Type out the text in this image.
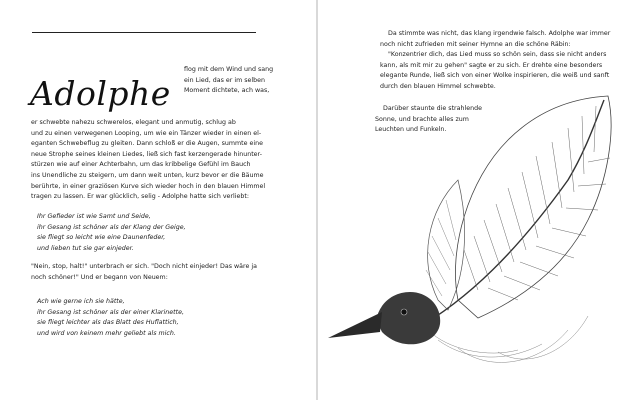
Adolphe

flog mit dem Wind und sang

ein Lied, das er im selben

Moment dichtete, ach was,

er schwebte nahezu schwerelos, elegant und anmutig, schlug ab

und zu einen verwegenen Looping, um wie ein Tänzer wieder in einen el-

eganten Schwebeflug zu gleiten. Dann schloß er die Augen, summte eine

neue Strophe seines kleinen Liedes, ließ sich fast kerzengerade hinunter-

stürzen wie auf einer Achterbahn, um das kribbelige Gefühl im Bauch

ins Unendliche zu steigern, um dann weit unten, kurz bevor er die Bäume

berührte, in einer graziösen Kurve sich wieder hoch in den blauen Himmel

tragen zu lassen. Er war glücklich, selig - Adolphe hatte sich verliebt:

Ihr Gefieder ist wie Samt und Seide,

ihr Gesang ist schöner als der Klang der Geige,

sie fliegt so leicht wie eine Daunenfeder,

und lieben tut sie gar einjeder.

"Nein, stop, halt!" unterbrach er sich. "Doch nicht einjeder! Das wäre ja

noch schöner!" Und er begann von Neuem:

Ach wie gerne ich sie hätte,

ihr Gesang ist schöner als der einer Klarinette,

sie fliegt leichter als das Blatt des Huflattich,

und wird von keinem mehr geliebt als mich.

Da stimmte was nicht, das klang irgendwie falsch. Adolphe war immer

noch nicht zufrieden mit seiner Hymne an die schöne Räbin:

"Konzentrier dich, das Lied muss so schön sein, dass sie nicht anders

kann, als mit mir zu gehen" sagte er zu sich. Er drehte eine besonders

elegante Runde, ließ sich von einer Wolke inspirieren, die weiß und sanft

durch den blauen Himmel schwebte.

Darüber staunte die strahlende

Sonne, und brachte alles zum

Leuchten und Funkeln.
